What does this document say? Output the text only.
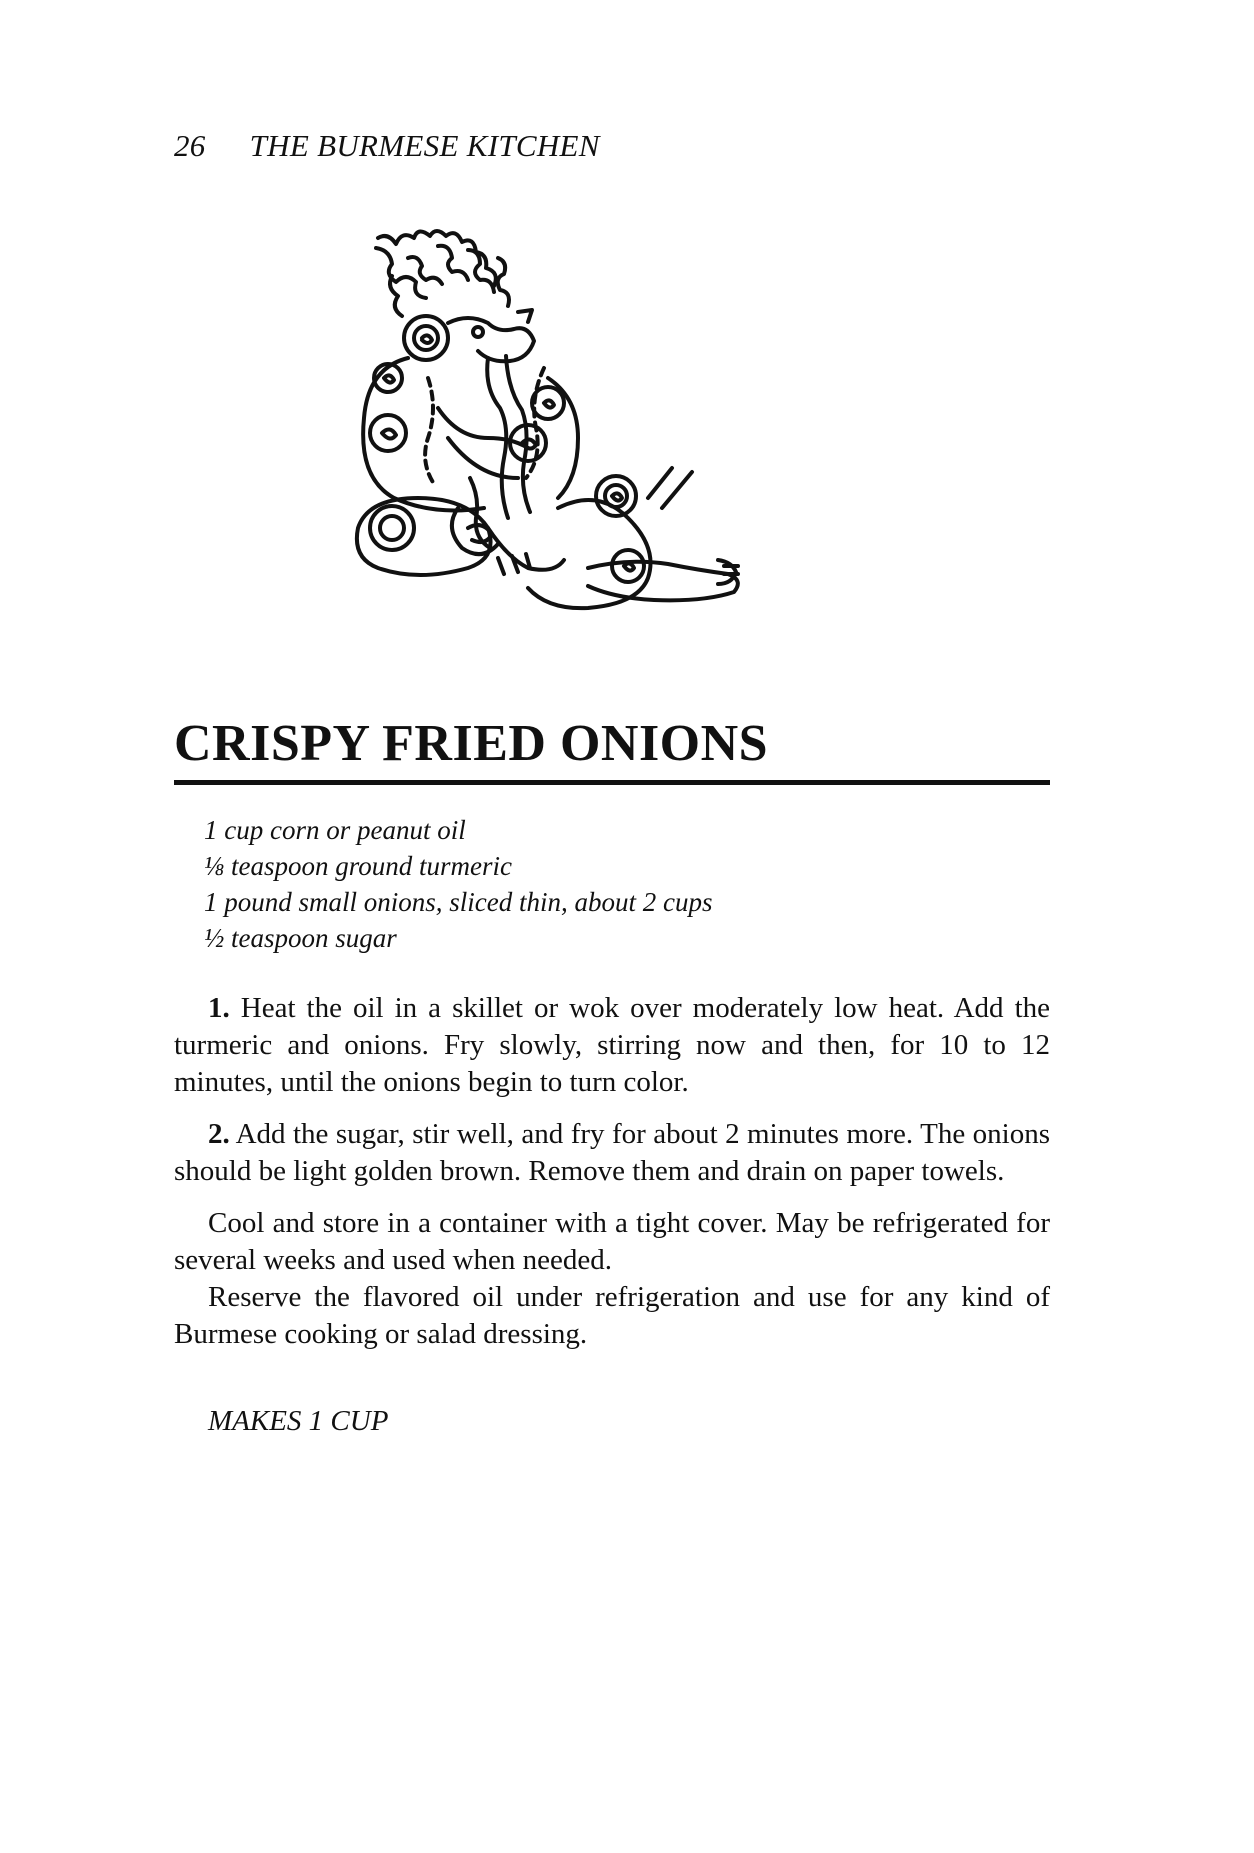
26 THE BURMESE KITCHEN
CRISPY FRIED ONIONS
1 cup corn or peanut oil
⅛ teaspoon ground turmeric
1 pound small onions, sliced thin, about 2 cups
½ teaspoon sugar

1. Heat the oil in a skillet or wok over moderately low heat. Add the turmeric and onions. Fry slowly, stirring now and then, for 10 to 12 minutes, until the onions begin to turn color.

2. Add the sugar, stir well, and fry for about 2 minutes more. The onions should be light golden brown. Remove them and drain on paper towels.

Cool and store in a container with a tight cover. May be refrigerated for several weeks and used when needed.

Reserve the flavored oil under refrigeration and use for any kind of Burmese cooking or salad dressing.

MAKES 1 CUP
